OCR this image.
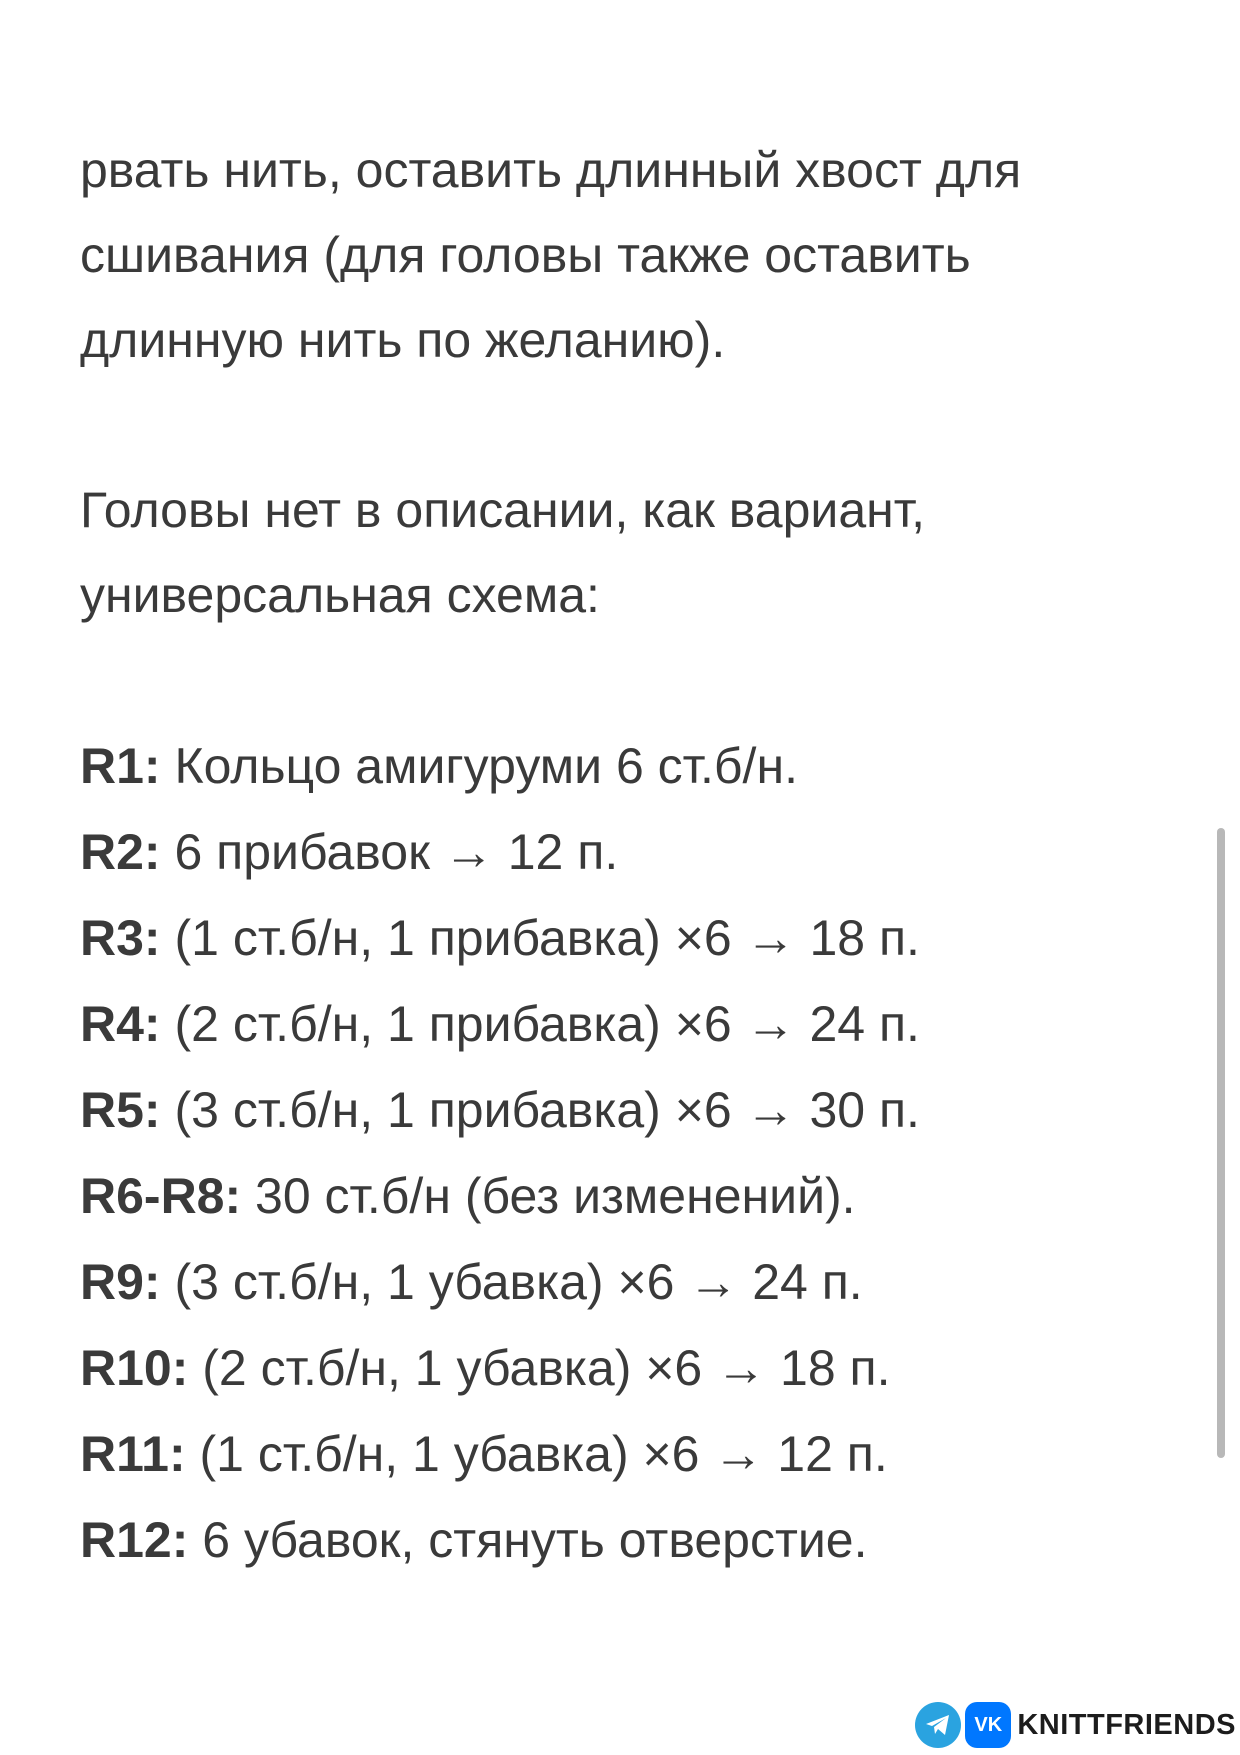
рвать нить, оставить длинный хвост для
сшивания (для головы также оставить
длинную нить по желанию).

Головы нет в описании, как вариант,
универсальная схема:

R1: Кольцо амигуруми 6 ст.б/н.
R2: 6 прибавок → 12 п.
R3: (1 ст.б/н, 1 прибавка) ×6 → 18 п.
R4: (2 ст.б/н, 1 прибавка) ×6 → 24 п.
R5: (3 ст.б/н, 1 прибавка) ×6 → 30 п.
R6-R8: 30 ст.б/н (без изменений).
R9: (3 ст.б/н, 1 убавка) ×6 → 24 п.
R10: (2 ст.б/н, 1 убавка) ×6 → 18 п.
R11: (1 ст.б/н, 1 убавка) ×6 → 12 п.
R12: 6 убавок, стянуть отверстие.
VK KNITTFRIENDS
